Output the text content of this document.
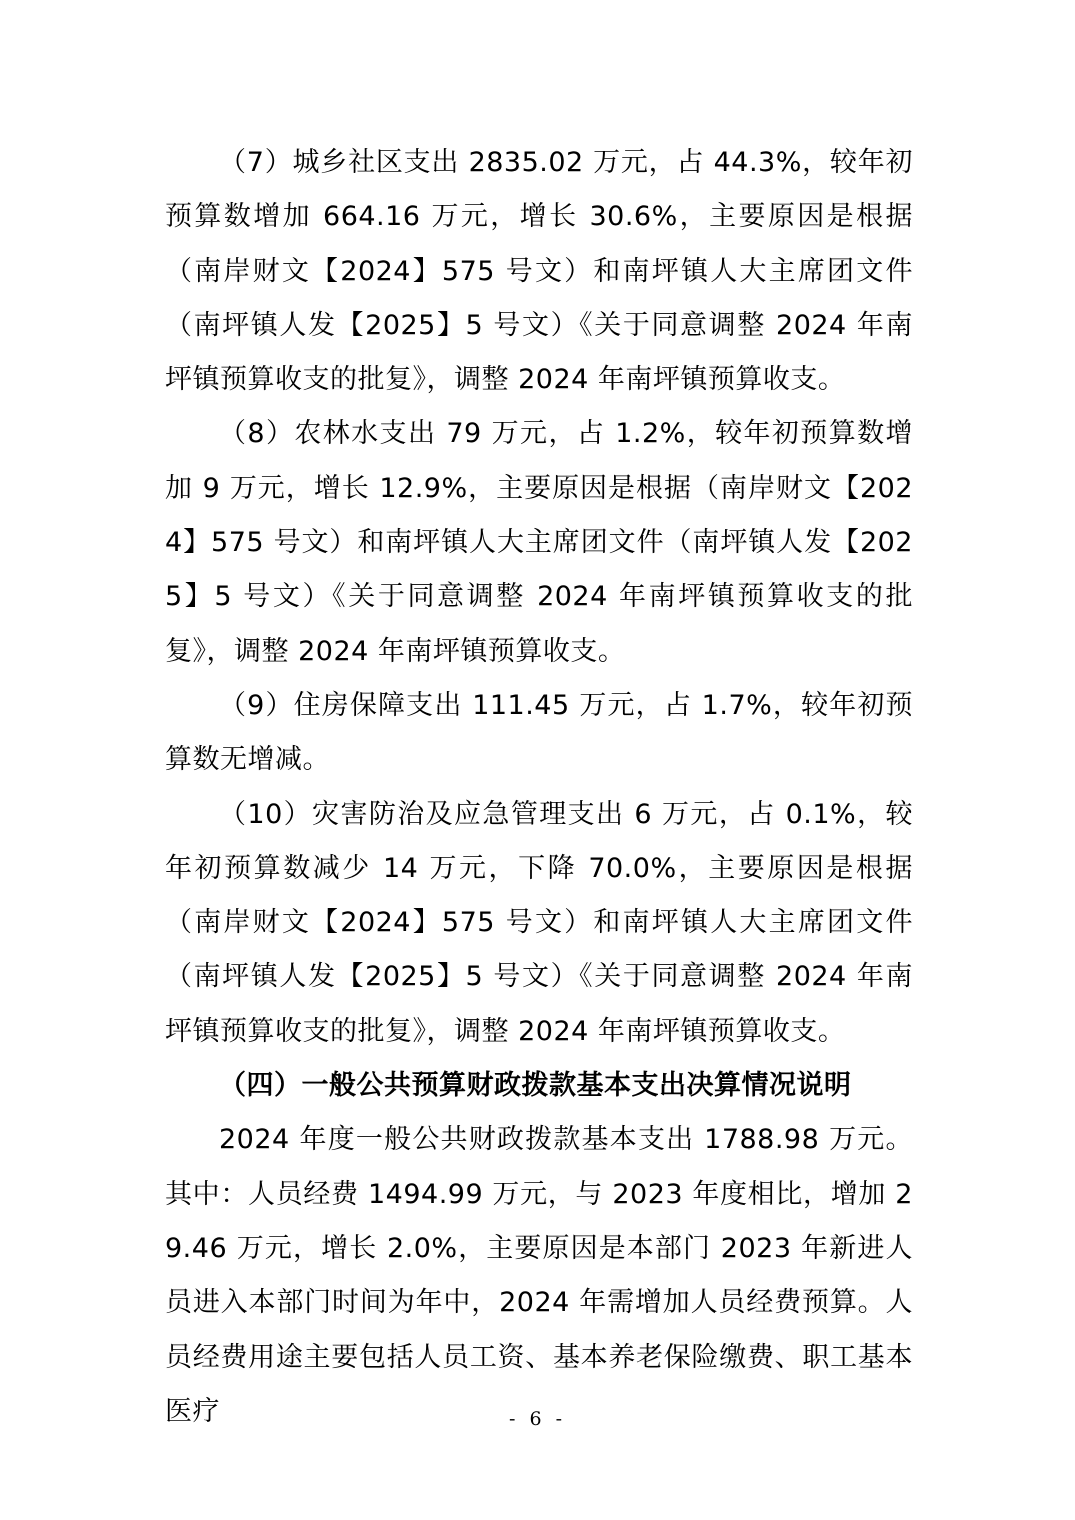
（7）城乡社区支出 2835.02 万元，占 44.3%，较年初预算数增加 664.16 万元，增长 30.6%，主要原因是根据（南岸财文【2024】575 号文）和南坪镇人大主席团文件（南坪镇人发【2025】5 号文）《关于同意调整 2024 年南坪镇预算收支的批复》，调整 2024 年南坪镇预算收支。

（8）农林水支出 79 万元，占 1.2%，较年初预算数增加 9 万元，增长 12.9%，主要原因是根据（南岸财文【2024】575 号文）和南坪镇人大主席团文件（南坪镇人发【2025】5 号文）《关于同意调整 2024 年南坪镇预算收支的批复》，调整 2024 年南坪镇预算收支。

（9）住房保障支出 111.45 万元，占 1.7%，较年初预算数无增减。

（10）灾害防治及应急管理支出 6 万元，占 0.1%，较年初预算数减少 14 万元，下降 70.0%，主要原因是根据（南岸财文【2024】575 号文）和南坪镇人大主席团文件（南坪镇人发【2025】5 号文）《关于同意调整 2024 年南坪镇预算收支的批复》，调整 2024 年南坪镇预算收支。

（四）一般公共预算财政拨款基本支出决算情况说明

2024 年度一般公共财政拨款基本支出 1788.98 万元。其中：人员经费 1494.99 万元，与 2023 年度相比，增加 29.46 万元，增长 2.0%，主要原因是本部门 2023 年新进人员进入本部门时间为年中，2024 年需增加人员经费预算。人员经费用途主要包括人员工资、基本养老保险缴费、职工基本医疗	- 6 -
